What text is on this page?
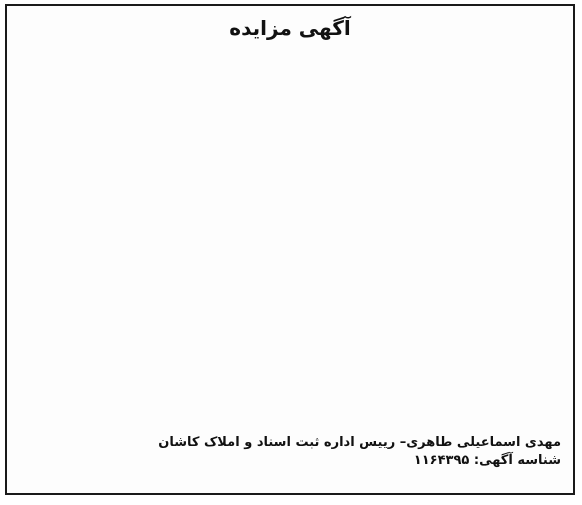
آگهی مزایده
مهدی اسماعیلی طاهری– رییس اداره ثبت اسناد و املاک کاشان
شناسه آگهی: ۱۱۶۴۳۹۵
